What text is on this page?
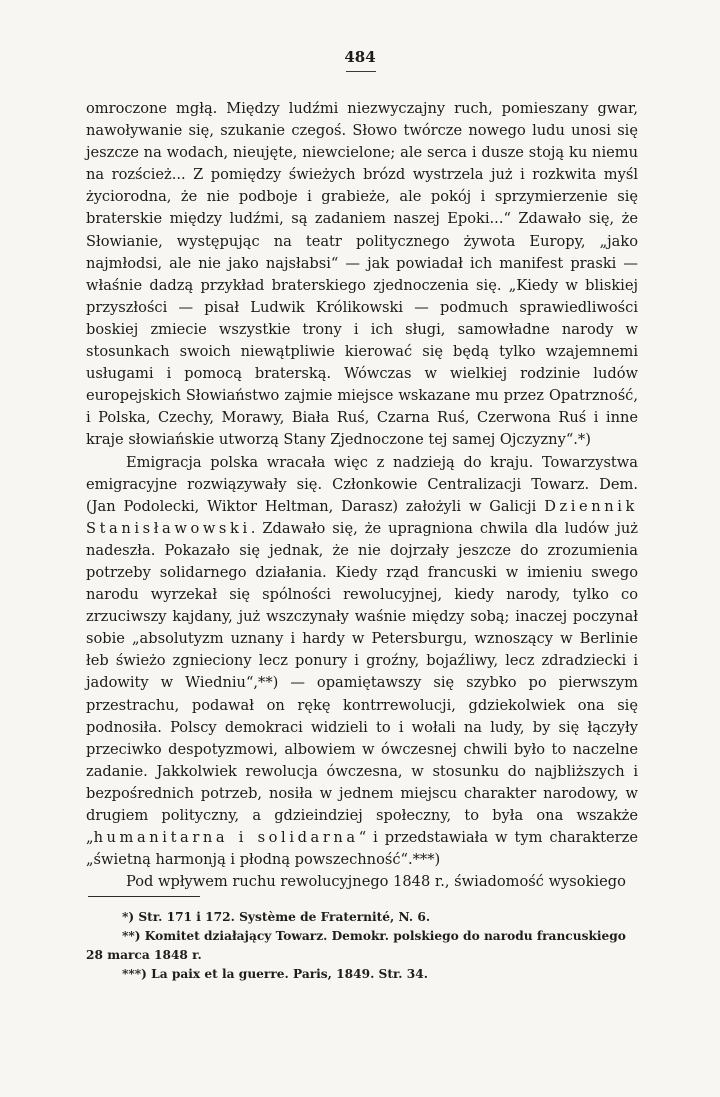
484

omroczone mgłą. Między ludźmi niezwyczajny ruch, pomieszany gwar, nawoływanie się, szukanie czegoś. Słowo twórcze nowego ludu unosi się jeszcze na wodach, nieujęte, niewcielone; ale serca i dusze stoją ku niemu na rozścież... Z pomiędzy świeżych brózd wystrzela już i rozkwita myśl życiorodna, że nie podboje i grabieże, ale pokój i sprzymierzenie się braterskie między ludźmi, są zadaniem naszej Epoki...“ Zdawało się, że Słowianie, występując na teatr politycznego żywota Europy, „jako najmłodsi, ale nie jako najsłabsi“ — jak powiadał ich manifest praski — właśnie dadzą przykład braterskiego zjednoczenia się. „Kiedy w bliskiej przyszłości — pisał Ludwik Królikowski — podmuch sprawiedliwości boskiej zmiecie wszystkie trony i ich sługi, samowładne narody w stosunkach swoich niewątpliwie kierować się będą tylko wzajemnemi usługami i pomocą braterską. Wówczas w wielkiej rodzinie ludów europejskich Słowiaństwo zajmie miejsce wskazane mu przez Opatrzność, i Polska, Czechy, Morawy, Biała Ruś, Czarna Ruś, Czerwona Ruś i inne kraje słowiańskie utworzą Stany Zjednoczone tej samej Ojczyzny“.*)

Emigracja polska wracała więc z nadzieją do kraju. Towarzystwa emigracyjne rozwiązywały się. Członkowie Centralizacji Towarz. Dem. (Jan Podolecki, Wiktor Heltman, Darasz) założyli w Galicji Dziennik Stanisławowski. Zdawało się, że upragniona chwila dla ludów już nadeszła. Pokazało się jednak, że nie dojrzały jeszcze do zrozumienia potrzeby solidarnego działania. Kiedy rząd francuski w imieniu swego narodu wyrzekał się spólności rewolucyjnej, kiedy narody, tylko co zrzuciwszy kajdany, już wszczynały waśnie między sobą; inaczej poczynał sobie „absolutyzm uznany i hardy w Petersburgu, wznoszący w Berlinie łeb świeżo zgnieciony lecz ponury i groźny, bojaźliwy, lecz zdradziecki i jadowity w Wiedniu“,**) — opamiętawszy się szybko po pierwszym przestrachu, podawał on rękę kontrrewolucji, gdziekolwiek ona się podnosiła. Polscy demokraci widzieli to i wołali na ludy, by się łączyły przeciwko despotyzmowi, albowiem w ówczesnej chwili było to naczelne zadanie. Jakkolwiek rewolucja ówczesna, w stosunku do najbliższych i bezpośrednich potrzeb, nosiła w jednem miejscu charakter narodowy, w drugiem polityczny, a gdzieindziej społeczny, to była ona wszakże „humanitarna i solidarna“ i przedstawiała w tym charakterze „świetną harmonją i płodną powszechność“.***)

Pod wpływem ruchu rewolucyjnego 1848 r., świadomość wysokiego

*) Str. 171 i 172. Système de Fraternité, N. 6.

**) Komitet działający Towarz. Demokr. polskiego do narodu francuskiego 28 marca 1848 r.

***) La paix et la guerre. Paris, 1849. Str. 34.
